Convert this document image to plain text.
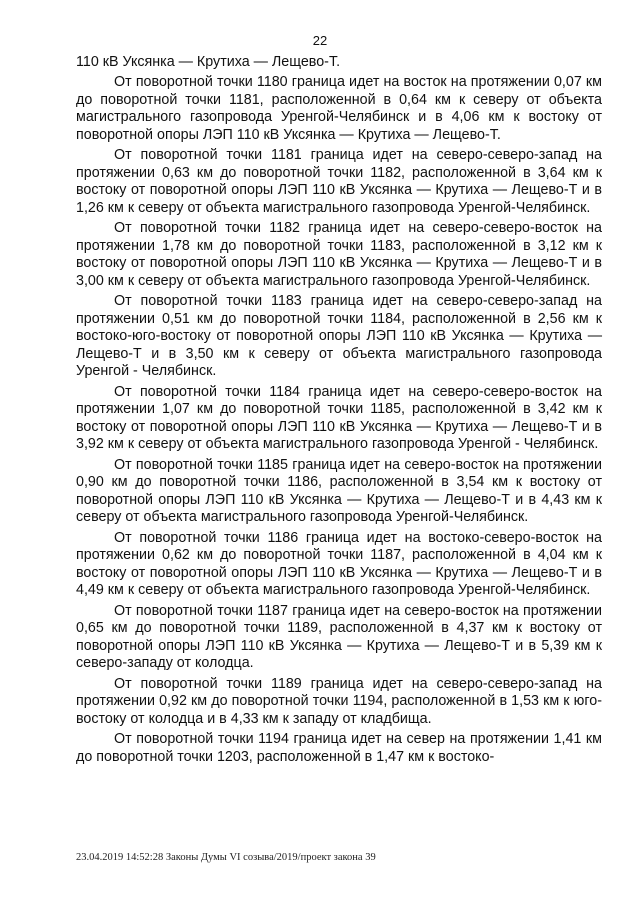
22

110 кВ Уксянка — Крутиха — Лещево-Т.

От поворотной точки 1180 граница идет на восток на протяжении 0,07 км до поворотной точки 1181, расположенной в 0,64 км к северу от объекта магистрального газопровода Уренгой-Челябинск и в 4,06 км к востоку от поворотной опоры ЛЭП 110 кВ Уксянка — Крутиха — Лещево-Т.

От поворотной точки 1181 граница идет на северо-северо-запад на протяжении 0,63 км до поворотной точки 1182, расположенной в 3,64 км к востоку от поворотной опоры ЛЭП 110 кВ Уксянка — Крутиха — Лещево-Т и в 1,26 км к северу от объекта магистрального газопровода Уренгой-Челябинск.

От поворотной точки 1182 граница идет на северо-северо-восток на протяжении 1,78 км до поворотной точки 1183, расположенной в 3,12 км к востоку от поворотной опоры ЛЭП 110 кВ Уксянка — Крутиха — Лещево-Т и в 3,00 км к северу от объекта магистрального газопровода Уренгой-Челябинск.

От поворотной точки 1183 граница идет на северо-северо-запад на протяжении 0,51 км до поворотной точки 1184, расположенной в 2,56 км к востоко-юго-востоку от поворотной опоры ЛЭП 110 кВ Уксянка — Крутиха — Лещево-Т и в 3,50 км к северу от объекта магистрального газопровода Уренгой - Челябинск.

От поворотной точки 1184 граница идет на северо-северо-восток на протяжении 1,07 км до поворотной точки 1185, расположенной в 3,42 км к востоку от поворотной опоры ЛЭП 110 кВ Уксянка — Крутиха — Лещево-Т и в 3,92 км к северу от объекта магистрального газопровода Уренгой - Челябинск.

От поворотной точки 1185 граница идет на северо-восток на протяжении 0,90 км до поворотной точки 1186, расположенной в 3,54 км к востоку от поворотной опоры ЛЭП 110 кВ Уксянка — Крутиха — Лещево-Т и в 4,43 км к северу от объекта магистрального газопровода Уренгой-Челябинск.

От поворотной точки 1186 граница идет на востоко-северо-восток на протяжении 0,62 км до поворотной точки 1187, расположенной в 4,04 км к востоку от поворотной опоры ЛЭП 110 кВ Уксянка — Крутиха — Лещево-Т и в 4,49 км к северу от объекта магистрального газопровода Уренгой-Челябинск.

От поворотной точки 1187 граница идет на северо-восток на протяжении 0,65 км до поворотной точки 1189, расположенной в 4,37 км к востоку от поворотной опоры ЛЭП 110 кВ Уксянка — Крутиха — Лещево-Т и в 5,39 км к северо-западу от колодца.

От поворотной точки 1189 граница идет на северо-северо-запад на протяжении 0,92 км до поворотной точки 1194, расположенной в 1,53 км к юго-востоку от колодца и в 4,33 км к западу от кладбища.

От поворотной точки 1194 граница идет на север на протяжении 1,41 км до поворотной точки 1203, расположенной в 1,47 км к востоко-

23.04.2019 14:52:28 Законы Думы VI созыва/2019/проект закона 39
